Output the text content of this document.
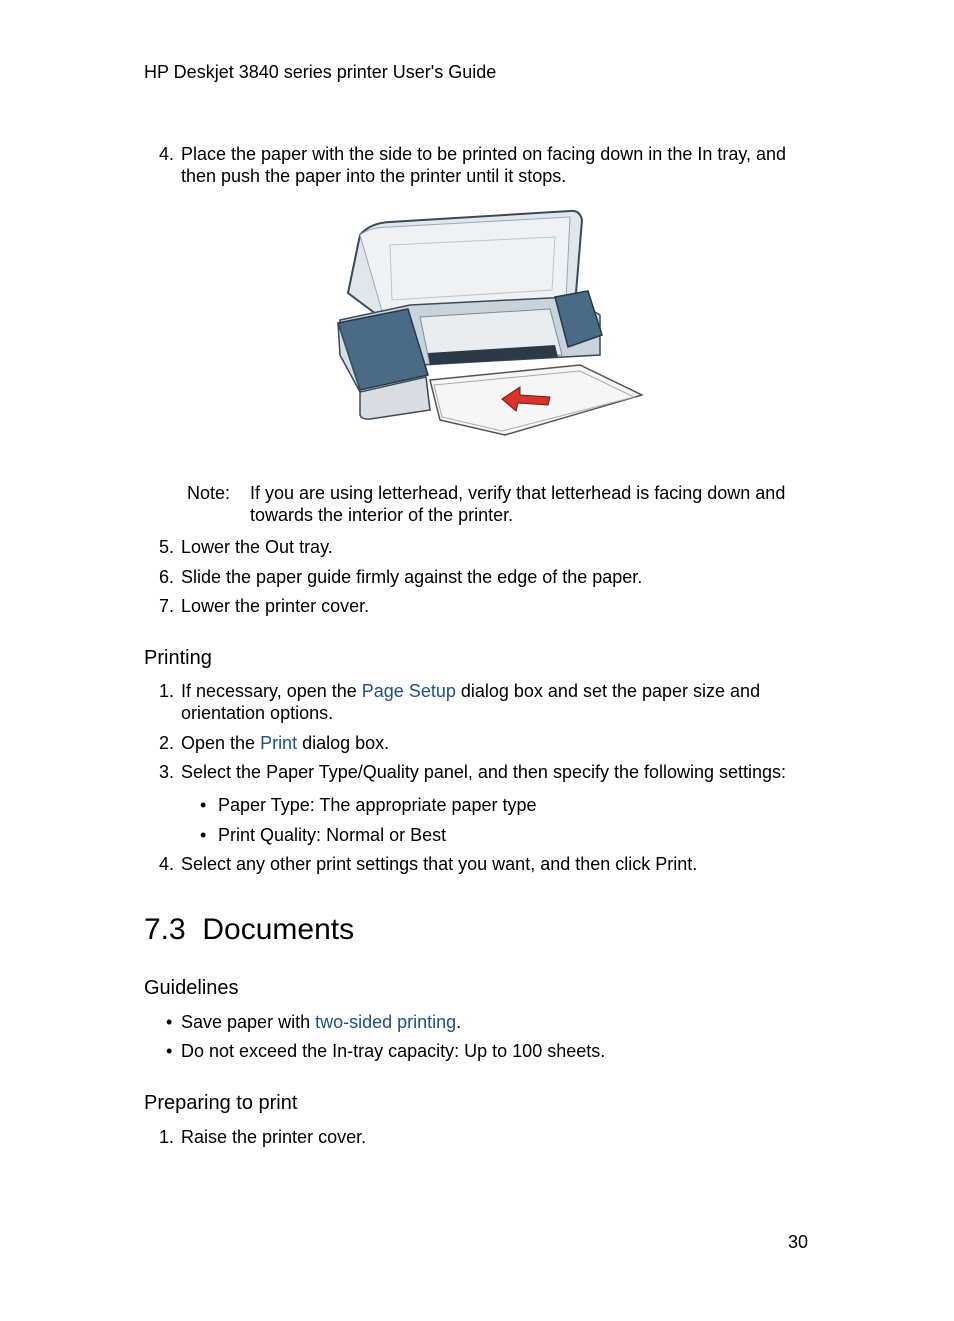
HP Deskjet 3840 series printer User's Guide
4. Place the paper with the side to be printed on facing down in the In tray, and
then push the paper into the printer until it stops.
Note: If you are using letterhead, verify that letterhead is facing down and
towards the interior of the printer.
5. Lower the Out tray.
6. Slide the paper guide firmly against the edge of the paper.
7. Lower the printer cover.
Printing
1. If necessary, open the Page Setup dialog box and set the paper size and
orientation options.
2. Open the Print dialog box.
3. Select the Paper Type/Quality panel, and then specify the following settings:
• Paper Type: The appropriate paper type
• Print Quality: Normal or Best
4. Select any other print settings that you want, and then click Print.
7.3  Documents
Guidelines
• Save paper with two-sided printing.
• Do not exceed the In-tray capacity: Up to 100 sheets.
Preparing to print
1. Raise the printer cover.
30
